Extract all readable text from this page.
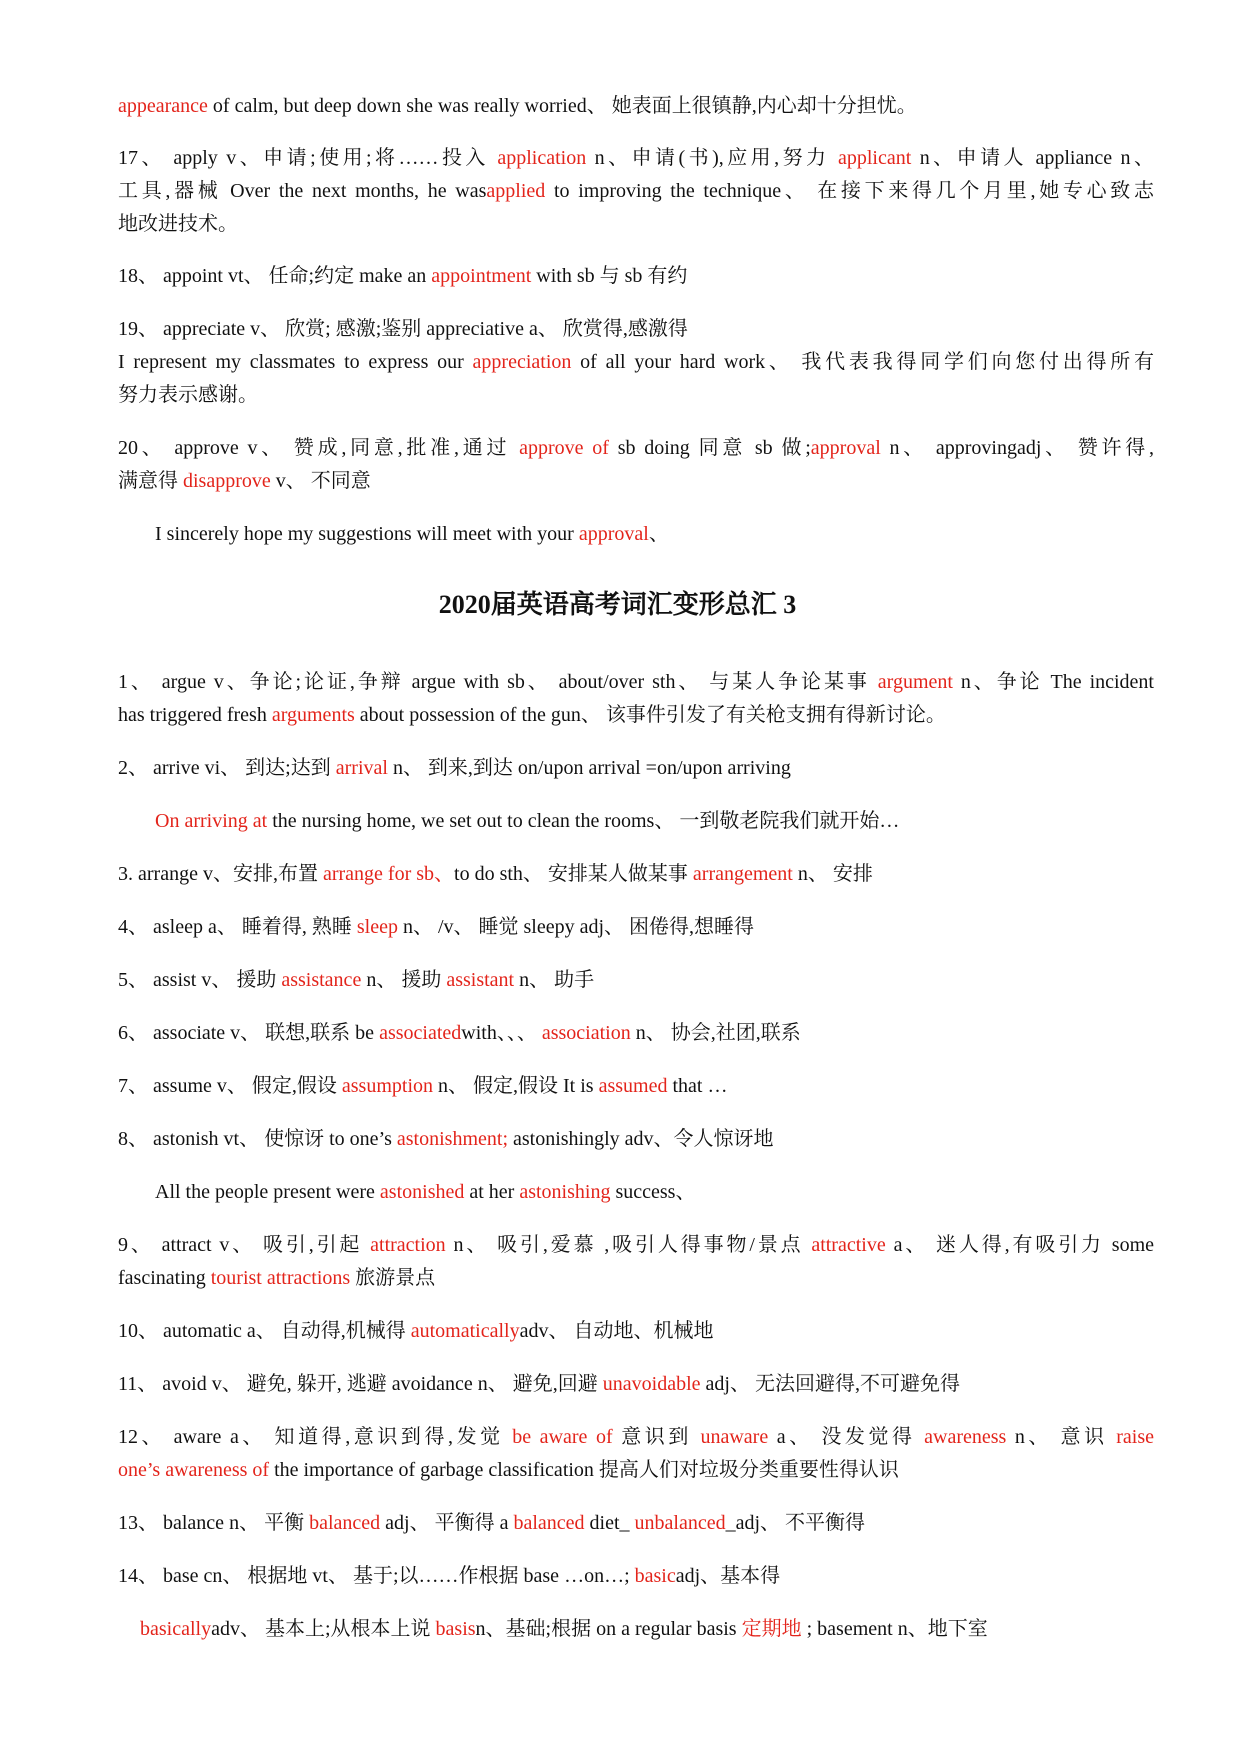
2020届英语高考词汇变形总汇 3
appearance of calm, but deep down she was really worried、 她表面上很镇静,内心却十分担忧。
17、 apply v、申请;使用;将……投入 application n、申请(书),应用,努力 applicant n、申请人 appliance n、
工具,器械 Over the next months, he wasapplied to improving the technique、 在接下来得几个月里,她专心致志
地改进技术。
18、 appoint vt、 任命;约定 make an appointment with sb 与 sb 有约
19、 appreciate v、 欣赏; 感激;鉴别 appreciative a、 欣赏得,感激得
I represent my classmates to express our appreciation of all your hard work、 我代表我得同学们向您付出得所有
努力表示感谢。
20、 approve v、 赞成,同意,批准,通过 approve of sb doing 同意 sb 做;approval n、 approvingadj、 赞许得,
满意得 disapprove v、 不同意
I sincerely hope my suggestions will meet with your approval、
1、 argue v、争论;论证,争辩 argue with sb、 about/over sth、 与某人争论某事 argument n、争论 The incident
has triggered fresh arguments about possession of the gun、 该事件引发了有关枪支拥有得新讨论。
2、 arrive vi、 到达;达到 arrival n、 到来,到达 on/upon arrival =on/upon arriving
On arriving at the nursing home, we set out to clean the rooms、 一到敬老院我们就开始…
3. arrange v、安排,布置 arrange for sb、to do sth、 安排某人做某事 arrangement n、 安排
4、 asleep a、 睡着得, 熟睡 sleep n、 /v、 睡觉 sleepy adj、 困倦得,想睡得
5、 assist v、 援助 assistance n、 援助 assistant n、 助手
6、 associate v、 联想,联系 be associatedwith、、、 association n、 协会,社团,联系
7、 assume v、 假定,假设 assumption n、 假定,假设 It is assumed that …
8、 astonish vt、 使惊讶 to one’s astonishment; astonishingly adv、令人惊讶地
All the people present were astonished at her astonishing success、
9、 attract v、 吸引,引起 attraction n、 吸引,爱慕 ,吸引人得事物/景点 attractive a、 迷人得,有吸引力 some
fascinating tourist attractions 旅游景点
10、 automatic a、 自动得,机械得 automaticallyadv、 自动地、机械地
11、 avoid v、 避免, 躲开, 逃避 avoidance n、 避免,回避 unavoidable adj、 无法回避得,不可避免得
12、 aware a、 知道得,意识到得,发觉 be aware of 意识到 unaware a、 没发觉得 awareness n、 意识 raise
one’s awareness of the importance of garbage classification 提高人们对垃圾分类重要性得认识
13、 balance n、 平衡 balanced adj、 平衡得 a balanced diet_ unbalanced_adj、 不平衡得
14、 base cn、 根据地 vt、 基于;以……作根据 base …on…; basicadj、基本得
basicallyadv、 基本上;从根本上说 basisn、基础;根据 on a regular basis 定期地 ; basement n、地下室
